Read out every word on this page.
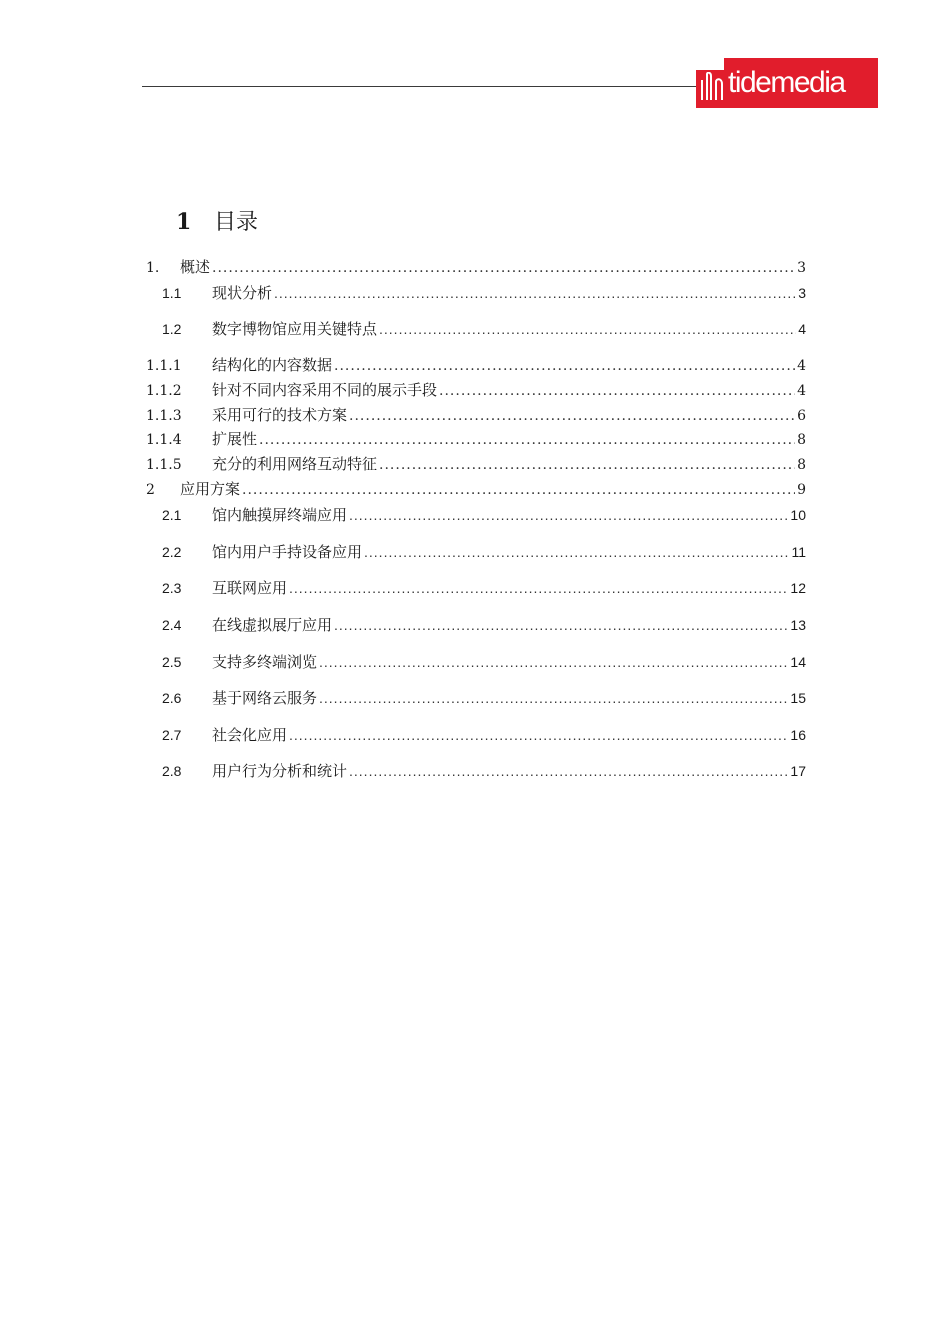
tidemedia
1 目录
1.	概述 .....	3
1.1	现状分析 .....	3
1.2	数字博物馆应用关键特点 .....	4
1.1.1	结构化的内容数据 .....	4
1.1.2	针对不同内容采用不同的展示手段 .....	4
1.1.3	采用可行的技术方案 .....	6
1.1.4	扩展性 .....	8
1.1.5	充分的利用网络互动特征 .....	8
2	应用方案 .....	9
2.1	馆内触摸屏终端应用 .....	10
2.2	馆内用户手持设备应用 .....	11
2.3	互联网应用 .....	12
2.4	在线虚拟展厅应用 .....	13
2.5	支持多终端浏览 .....	14
2.6	基于网络云服务 .....	15
2.7	社会化应用 .....	16
2.8	用户行为分析和统计 .....	17
